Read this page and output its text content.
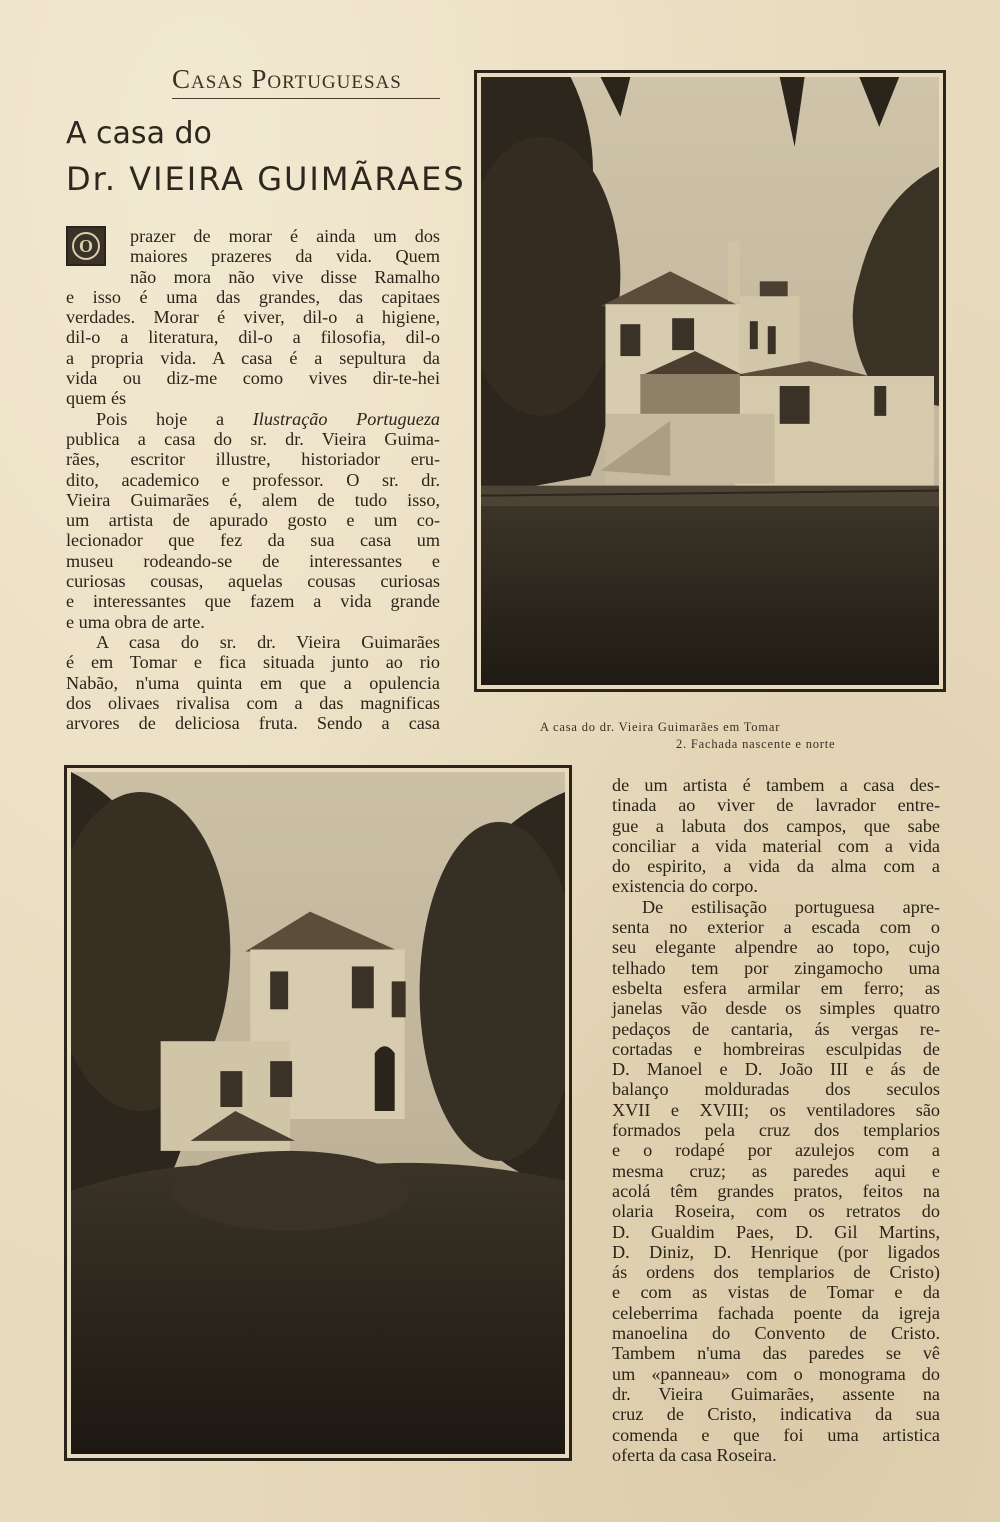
Casas Portuguesas
A casa do
Dr. VIEIRA GUIMÃRAES
O	prazer de morar é ainda um dos
maiores prazeres da vida. Quem
não mora não vive disse Ramalho
e isso é uma das grandes, das capitaes
verdades. Morar é viver, dil-o a higiene,
dil-o a literatura, dil-o a filosofia, dil-o
a propria vida. A casa é a sepultura da
vida ou diz-me como vives dir-te-hei
quem és
Pois hoje a Ilustração Portugueza
publica a casa do sr. dr. Vieira Guima-
rães, escritor illustre, historiador eru-
dito, academico e professor. O sr. dr.
Vieira Guimarães é, alem de tudo isso,
um artista de apurado gosto e um co-
lecionador que fez da sua casa um
museu rodeando-se de interessantes e
curiosas cousas, aquelas cousas curiosas
e interessantes que fazem a vida grande
e uma obra de arte.
A casa do sr. dr. Vieira Guimarães
é em Tomar e fica situada junto ao rio
Nabão, n'uma quinta em que a opulencia
dos olivaes rivalisa com a das magnificas
arvores de deliciosa fruta. Sendo a casa	A casa do dr. Vieira Guimarães em Tomar
2. Fachada nascente e norte
de um artista é tambem a casa des-
tinada ao viver de lavrador entre-
gue a labuta dos campos, que sabe
conciliar a vida material com a vida
do espirito, a vida da alma com a
existencia do corpo.
De estilisação portuguesa apre-
senta no exterior a escada com o
seu elegante alpendre ao topo, cujo
telhado tem por zingamocho uma
esbelta esfera armilar em ferro; as
janelas vão desde os simples quatro
pedaços de cantaria, ás vergas re-
cortadas e hombreiras esculpidas de
D. Manoel e D. João III e ás de
balanço molduradas dos seculos
XVII e XVIII; os ventiladores são
formados pela cruz dos templarios
e o rodapé por azulejos com a
mesma cruz; as paredes aqui e
acolá têm grandes pratos, feitos na
olaria Roseira, com os retratos do
D. Gualdim Paes, D. Gil Martins,
D. Diniz, D. Henrique (por ligados
ás ordens dos templarios de Cristo)
e com as vistas de Tomar e da
celeberrima fachada poente da igreja
manoelina do Convento de Cristo.
Tambem n'uma das paredes se vê
um «panneau» com o monograma do
dr. Vieira Guimarães, assente na
cruz de Cristo, indicativa da sua
comenda e que foi uma artistica
oferta da casa Roseira.
